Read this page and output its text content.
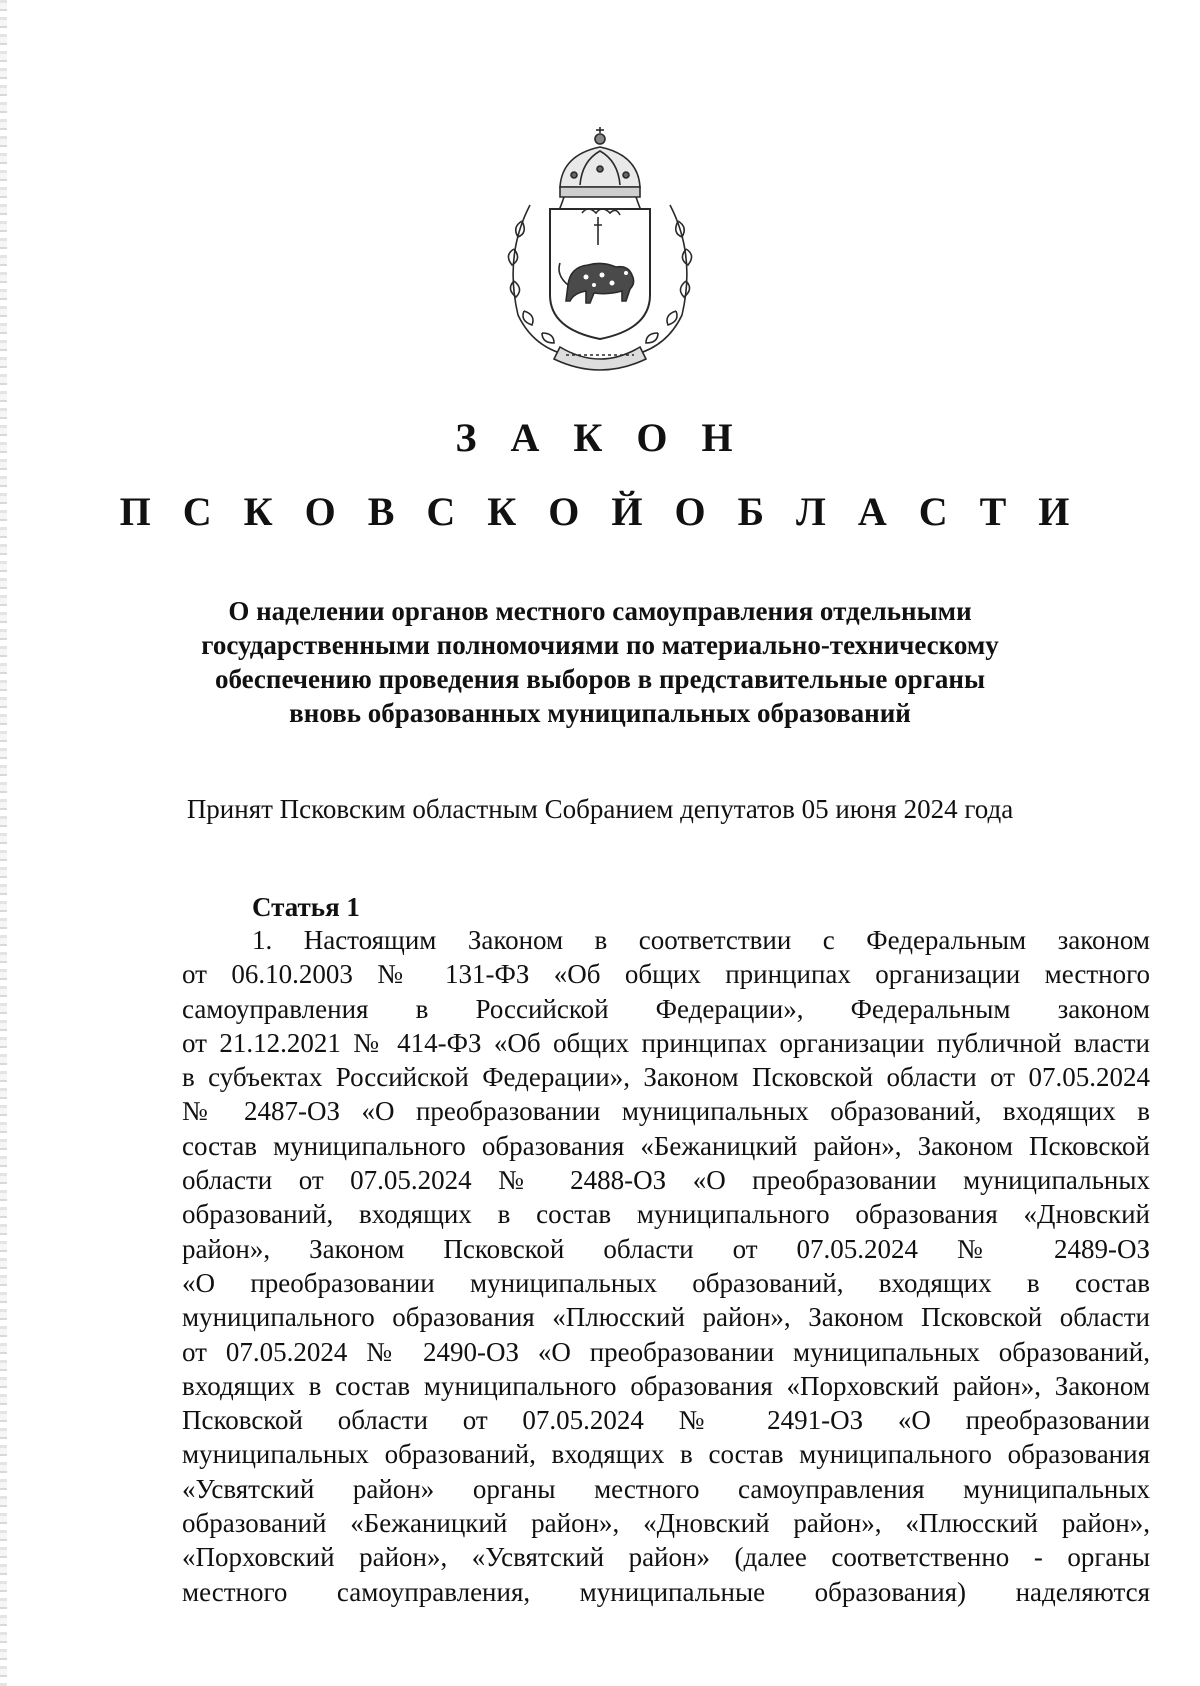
З А К О Н
П С К О В С К О Й О Б Л А С Т И
О наделении органов местного самоуправления отдельными
государственными полномочиями по материально-техническому
обеспечению проведения выборов в представительные органы
вновь образованных муниципальных образований

Принят Псковским областным Собранием депутатов 05 июня 2024 года

Статья 1

1. Настоящим Законом в соответствии с Федеральным законом
от 06.10.2003 № 131-ФЗ «Об общих принципах организации местного
самоуправления в Российской Федерации», Федеральным законом
от 21.12.2021 № 414-ФЗ «Об общих принципах организации публичной власти
в субъектах Российской Федерации», Законом Псковской области от 07.05.2024
№ 2487-ОЗ «О преобразовании муниципальных образований, входящих в
состав муниципального образования «Бежаницкий район», Законом Псковской
области от 07.05.2024 № 2488-ОЗ «О преобразовании муниципальных
образований, входящих в состав муниципального образования «Дновский
район», Законом Псковской области от 07.05.2024 № 2489-ОЗ
«О преобразовании муниципальных образований, входящих в состав
муниципального образования «Плюсский район», Законом Псковской области
от 07.05.2024 № 2490-ОЗ «О преобразовании муниципальных образований,
входящих в состав муниципального образования «Порховский район», Законом
Псковской области от 07.05.2024 № 2491-ОЗ «О преобразовании
муниципальных образований, входящих в состав муниципального образования
«Усвятский район» органы местного самоуправления муниципальных
образований «Бежаницкий район», «Дновский район», «Плюсский район»,
«Порховский район», «Усвятский район» (далее соответственно - органы
местного самоуправления, муниципальные образования) наделяются
